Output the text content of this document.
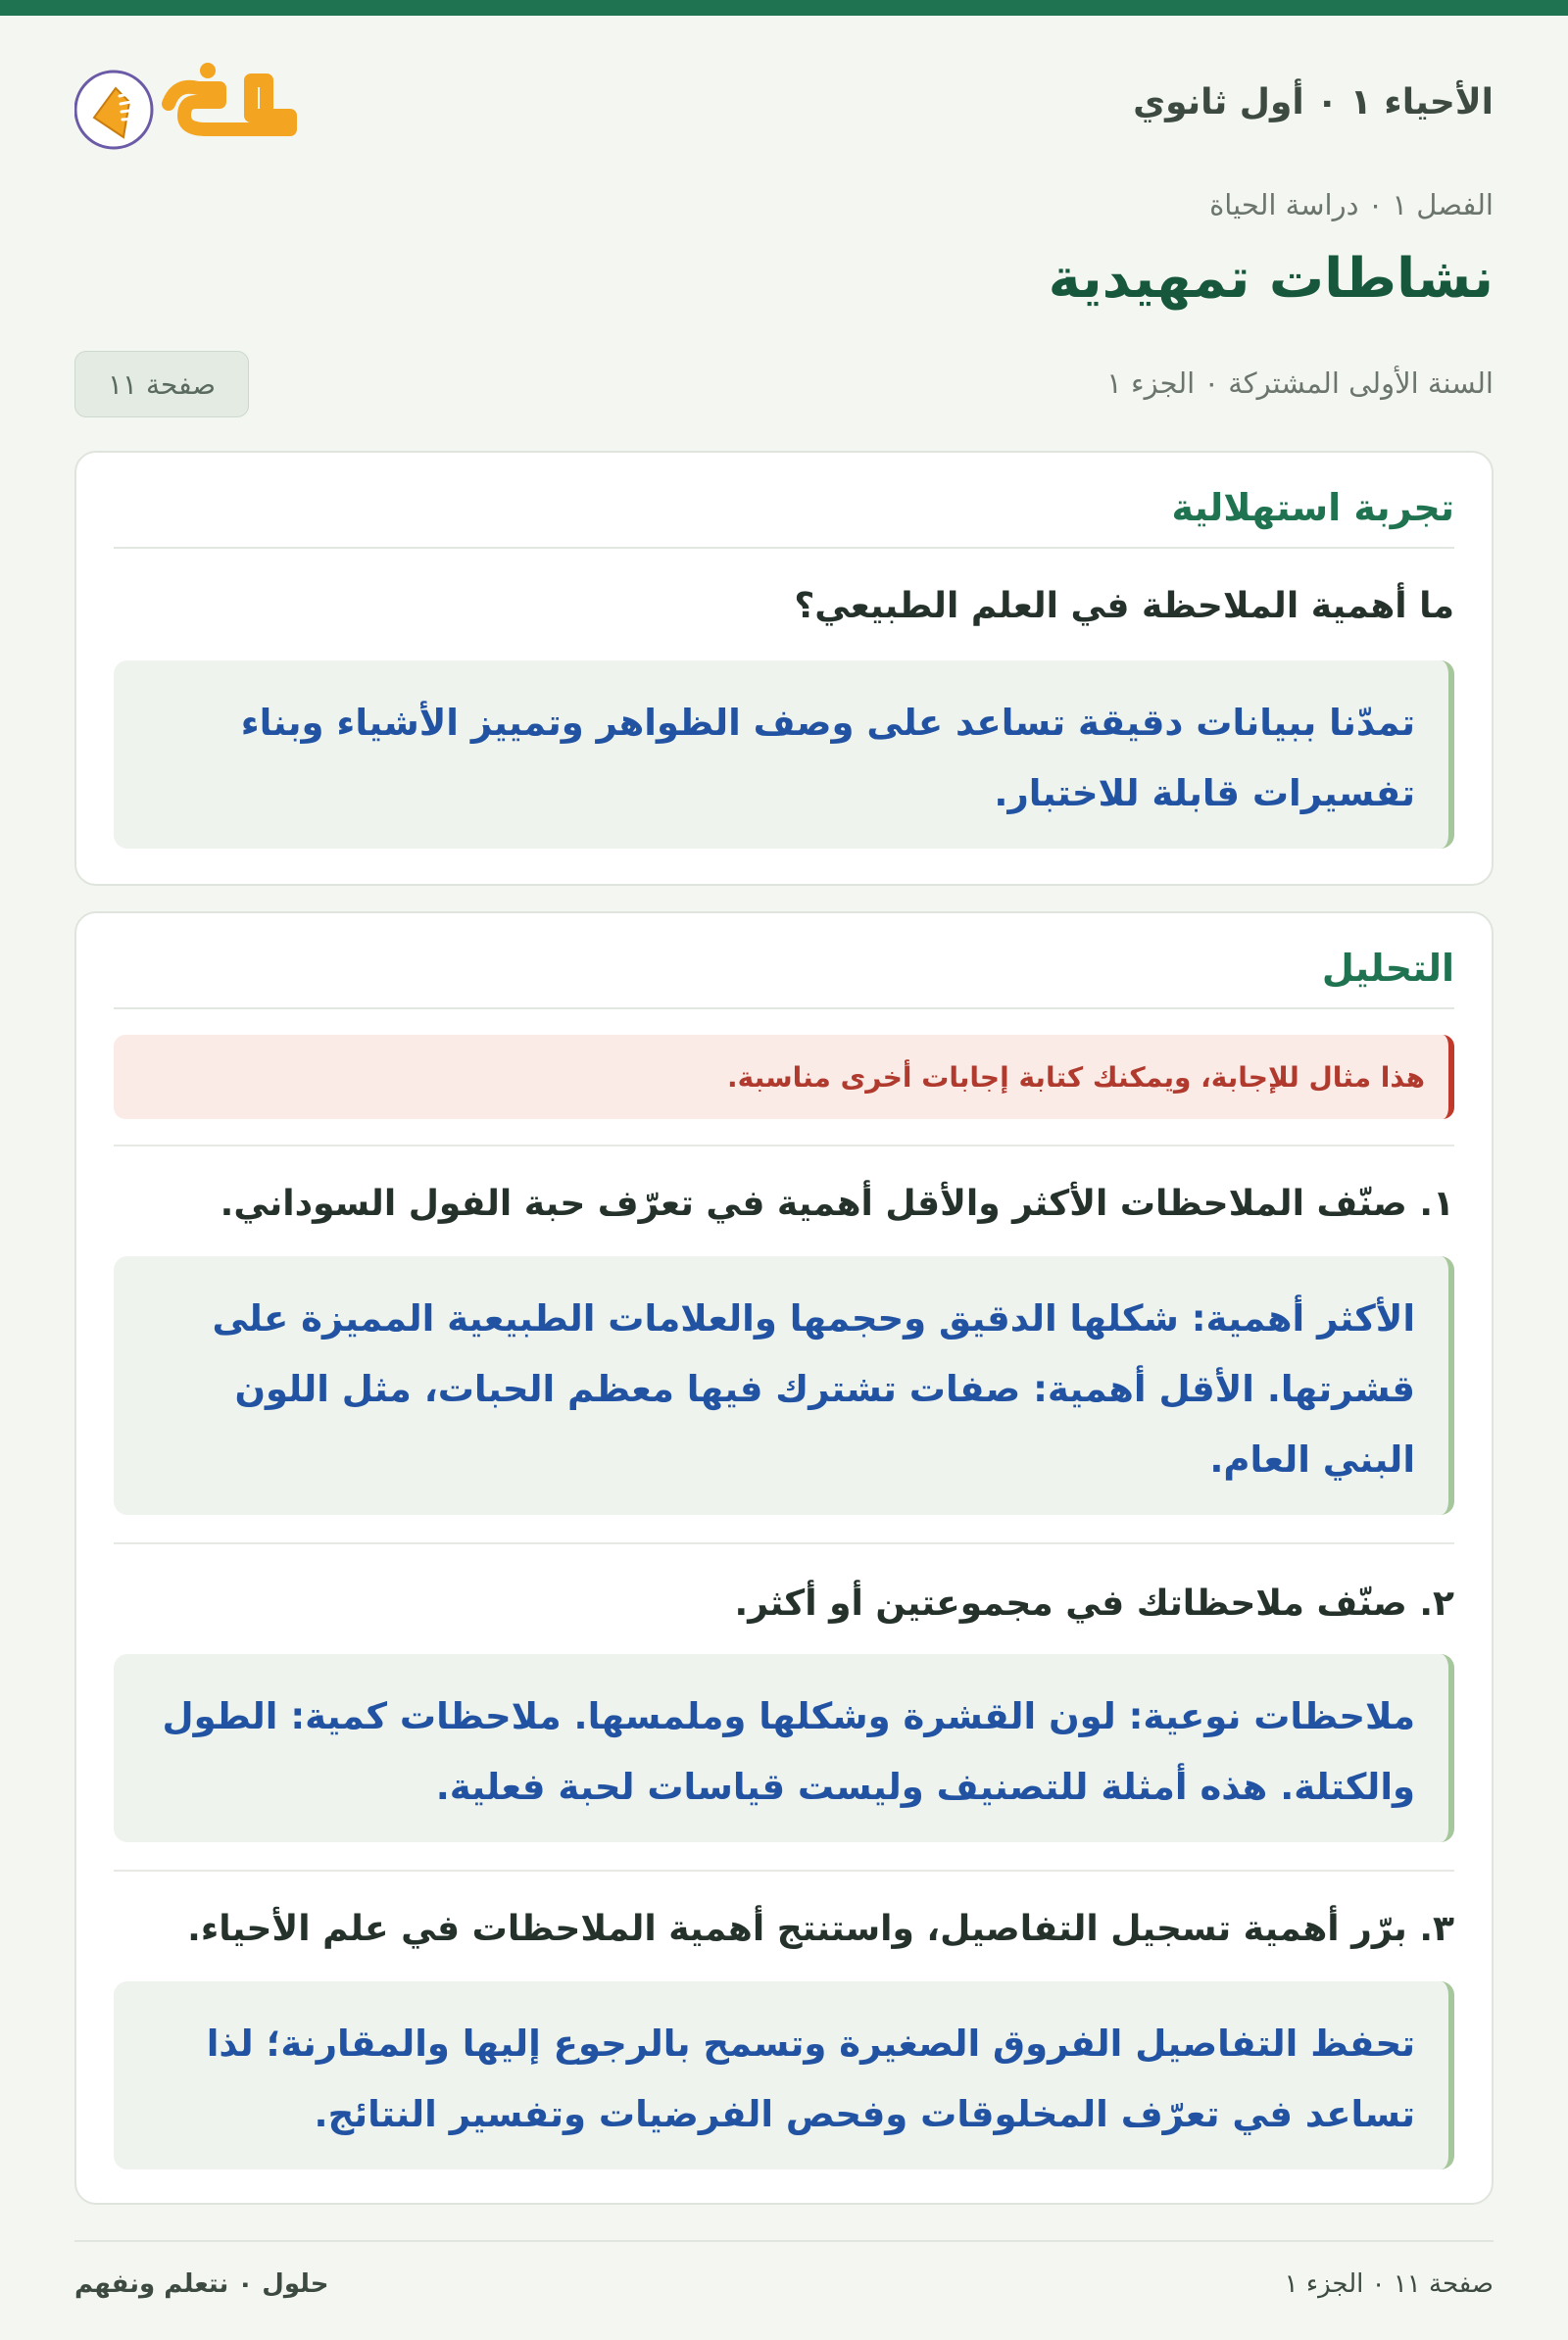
الأحياء ١ ٠ أول ثانوي
الفصل ١ ٠ دراسة الحياة
نشاطات تمهيدية
السنة الأولى المشتركة ٠ الجزء ١
صفحة ١١
تجربة استهلالية
ما أهمية الملاحظة في العلم الطبيعي؟
تمدّنا ببيانات دقيقة تساعد على وصف الظواهر وتمييز الأشياء وبناء تفسيرات قابلة للاختبار.
التحليل
هذا مثال للإجابة، ويمكنك كتابة إجابات أخرى مناسبة.
١. صنّف الملاحظات الأكثر والأقل أهمية في تعرّف حبة الفول السوداني.
الأكثر أهمية: شكلها الدقيق وحجمها والعلامات الطبيعية المميزة على قشرتها. الأقل أهمية: صفات تشترك فيها معظم الحبات، مثل اللون البني العام.
٢. صنّف ملاحظاتك في مجموعتين أو أكثر.
ملاحظات نوعية: لون القشرة وشكلها وملمسها. ملاحظات كمية: الطول والكتلة. هذه أمثلة للتصنيف وليست قياسات لحبة فعلية.
٣. برّر أهمية تسجيل التفاصيل، واستنتج أهمية الملاحظات في علم الأحياء.
تحفظ التفاصيل الفروق الصغيرة وتسمح بالرجوع إليها والمقارنة؛ لذا تساعد في تعرّف المخلوقات وفحص الفرضيات وتفسير النتائج.
صفحة ١١ ٠ الجزء ١
حلول ٠ نتعلم ونفهم
